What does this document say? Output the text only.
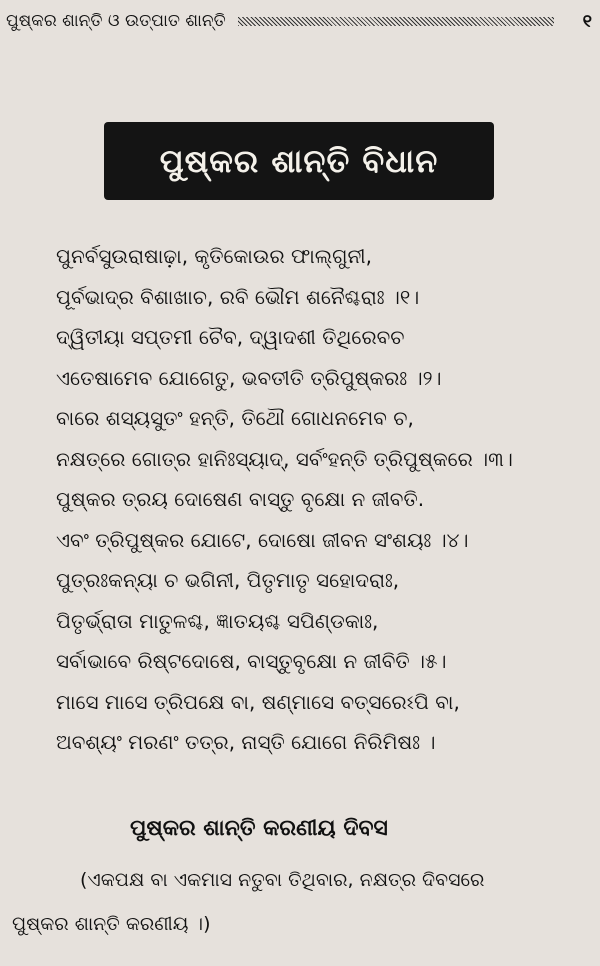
ପୁଷ୍କର ଶାନ୍ତି ଓ ଉତ୍ପାତ ଶାନ୍ତି	୧
ପୁଷ୍କର ଶାନ୍ତି ବିଧାନ
ପୁନର୍ବସୁଉରାଷାଢ଼ା, କୃତିକୋଉର ଫାଲ୍‌ଗୁନୀ,
ପୂର୍ବଭାଦ୍ର ବିଶାଖାଚ, ରବି ଭୌମ ଶନୈଶ୍ଚରାଃ ।୧।
ଦ୍ୱିତୀୟା ସପ୍ତମୀ ଚୈବ, ଦ୍ୱାଦଶୀ ତିଥିରେବଚ
ଏତେଷାମେବ ଯୋଗେତୁ, ଭବତୀତି ତ୍ରିପୁଷ୍କରଃ ।୨।
ବାରେ ଶସ୍ୟସୁତଂ ହନ୍ତି, ତିଥୌ ଗୋଧନମେବ ଚ,
ନକ୍ଷତ୍ରେ ଗୋତ୍ର ହାନିଃସ୍ୟାଦ୍, ସର୍ବଂହନ୍ତି ତ୍ରିପୁଷ୍କରେ ।୩।
ପୁଷ୍କର ତ୍ରୟ ଦୋଷେଣ ବାସ୍ତୁ ବୃକ୍ଷୋ ନ ଜୀବତି.
ଏବଂ ତ୍ରିପୁଷ୍କର ଯୋଟେ, ଦୋଷୋ ଜୀବନ ସଂଶୟଃ ।୪।
ପୁତ୍ରଃକନ୍ୟା ଚ ଭଗିନୀ, ପିତୃମାତୃ ସହୋଦରାଃ,
ପିତୃର୍ଭ୍ରାତା ମାତୁଳଶ୍ଚ, ଜ୍ଞାତୟଶ୍ଚ ସପିଣ୍ଡକାଃ,
ସର୍ବାଭାବେ ରିଷ୍ଟଦୋଷେ, ବାସ୍ତୁବୃକ୍ଷୋ ନ ଜୀବିତି ।୫।
ମାସେ ମାସେ ତ୍ରିପକ୍ଷେ ବା, ଷଣ୍ମାସେ ବତ୍ସରେଽପି ବା,
ଅବଶ୍ୟଂ ମରଣଂ ତତ୍ର, ନାସ୍ତି ଯୋଗେ ନିରିମିଷଃ ।
ପୁଷ୍କର ଶାନ୍ତି କରଣୀୟ ଦିବସ
(ଏକପକ୍ଷ ବା ଏକମାସ ନତୁବା ତିଥିବାର, ନକ୍ଷତ୍ର ଦିବସରେ
ପୁଷ୍କର ଶାନ୍ତି କରଣୀୟ ।)
